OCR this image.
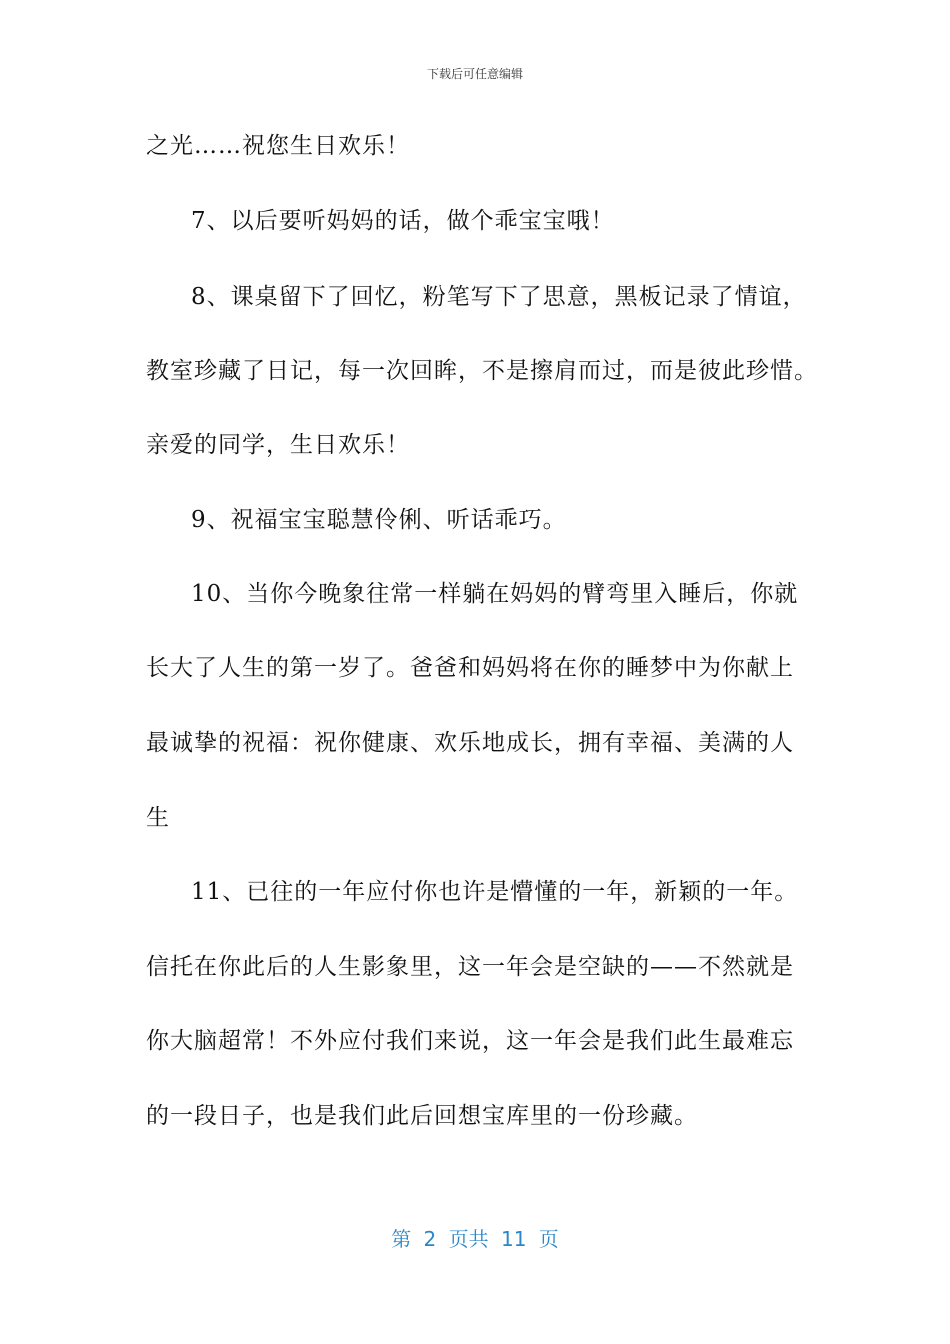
下载后可任意编辑
之光……祝您生日欢乐！
7、以后要听妈妈的话，做个乖宝宝哦！
8、课桌留下了回忆，粉笔写下了思意，黑板记录了情谊，
教室珍藏了日记，每一次回眸，不是擦肩而过，而是彼此珍惜。
亲爱的同学，生日欢乐！
9、祝福宝宝聪慧伶俐、听话乖巧。
10、当你今晚象往常一样躺在妈妈的臂弯里入睡后，你就
长大了人生的第一岁了。爸爸和妈妈将在你的睡梦中为你献上
最诚挚的祝福：祝你健康、欢乐地成长，拥有幸福、美满的人
生
11、已往的一年应付你也许是懵懂的一年，新颖的一年。
信托在你此后的人生影象里，这一年会是空缺的——不然就是
你大脑超常！不外应付我们来说，这一年会是我们此生最难忘
的一段日子，也是我们此后回想宝库里的一份珍藏。
第 2 页共 11 页
